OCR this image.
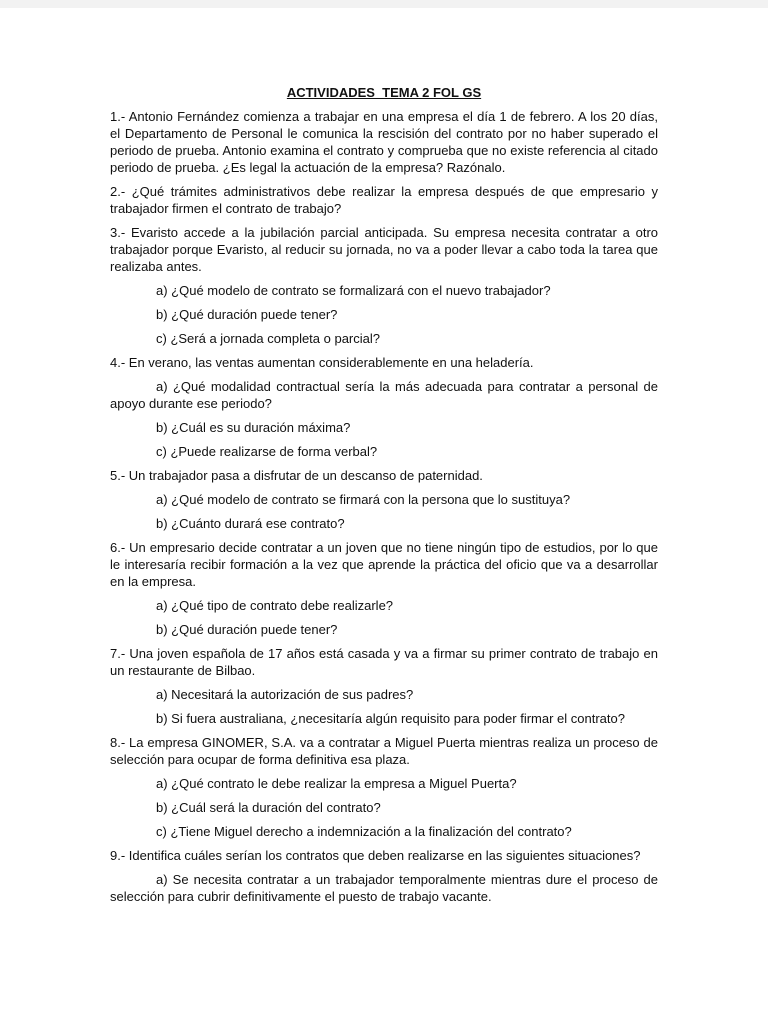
ACTIVIDADES  TEMA 2 FOL GS

1.- Antonio Fernández comienza a trabajar en una empresa el día 1 de febrero. A los 20 días, el Departamento de Personal le comunica la rescisión del contrato por no haber superado el periodo de prueba. Antonio examina el contrato y comprueba que no existe referencia al citado periodo de prueba. ¿Es legal la actuación de la empresa? Razónalo.

2.- ¿Qué trámites administrativos debe realizar la empresa después de que empresario y trabajador firmen el contrato de trabajo?

3.- Evaristo accede a la jubilación parcial anticipada. Su empresa necesita contratar a otro trabajador porque Evaristo, al reducir su jornada, no va a poder llevar a cabo toda la tarea que realizaba antes.

a) ¿Qué modelo de contrato se formalizará con el nuevo trabajador?

b) ¿Qué duración puede tener?

c) ¿Será a jornada completa o parcial?

4.- En verano, las ventas aumentan considerablemente en una heladería.

a) ¿Qué modalidad contractual sería la más adecuada para contratar a personal de apoyo durante ese periodo?

b) ¿Cuál es su duración máxima?

c) ¿Puede realizarse de forma verbal?

5.- Un trabajador pasa a disfrutar de un descanso de paternidad.

a) ¿Qué modelo de contrato se firmará con la persona que lo sustituya?

b) ¿Cuánto durará ese contrato?

6.- Un empresario decide contratar a un joven que no tiene ningún tipo de estudios, por lo que le interesaría recibir formación a la vez que aprende la práctica del oficio que va a desarrollar en la empresa.

a) ¿Qué tipo de contrato debe realizarle?

b) ¿Qué duración puede tener?

7.- Una joven española de 17 años está casada y va a firmar su primer contrato de trabajo en un restaurante de Bilbao.

a) Necesitará la autorización de sus padres?

b) Si fuera australiana, ¿necesitaría algún requisito para poder firmar el contrato?

8.- La empresa GINOMER, S.A. va a contratar a Miguel Puerta mientras realiza un proceso de selección para ocupar de forma definitiva esa plaza.

a) ¿Qué contrato le debe realizar la empresa a Miguel Puerta?

b) ¿Cuál será la duración del contrato?

c) ¿Tiene Miguel derecho a indemnización a la finalización del contrato?

9.- Identifica cuáles serían los contratos que deben realizarse en las siguientes situaciones?

a) Se necesita contratar a un trabajador temporalmente mientras dure el proceso de selección para cubrir definitivamente el puesto de trabajo vacante.
